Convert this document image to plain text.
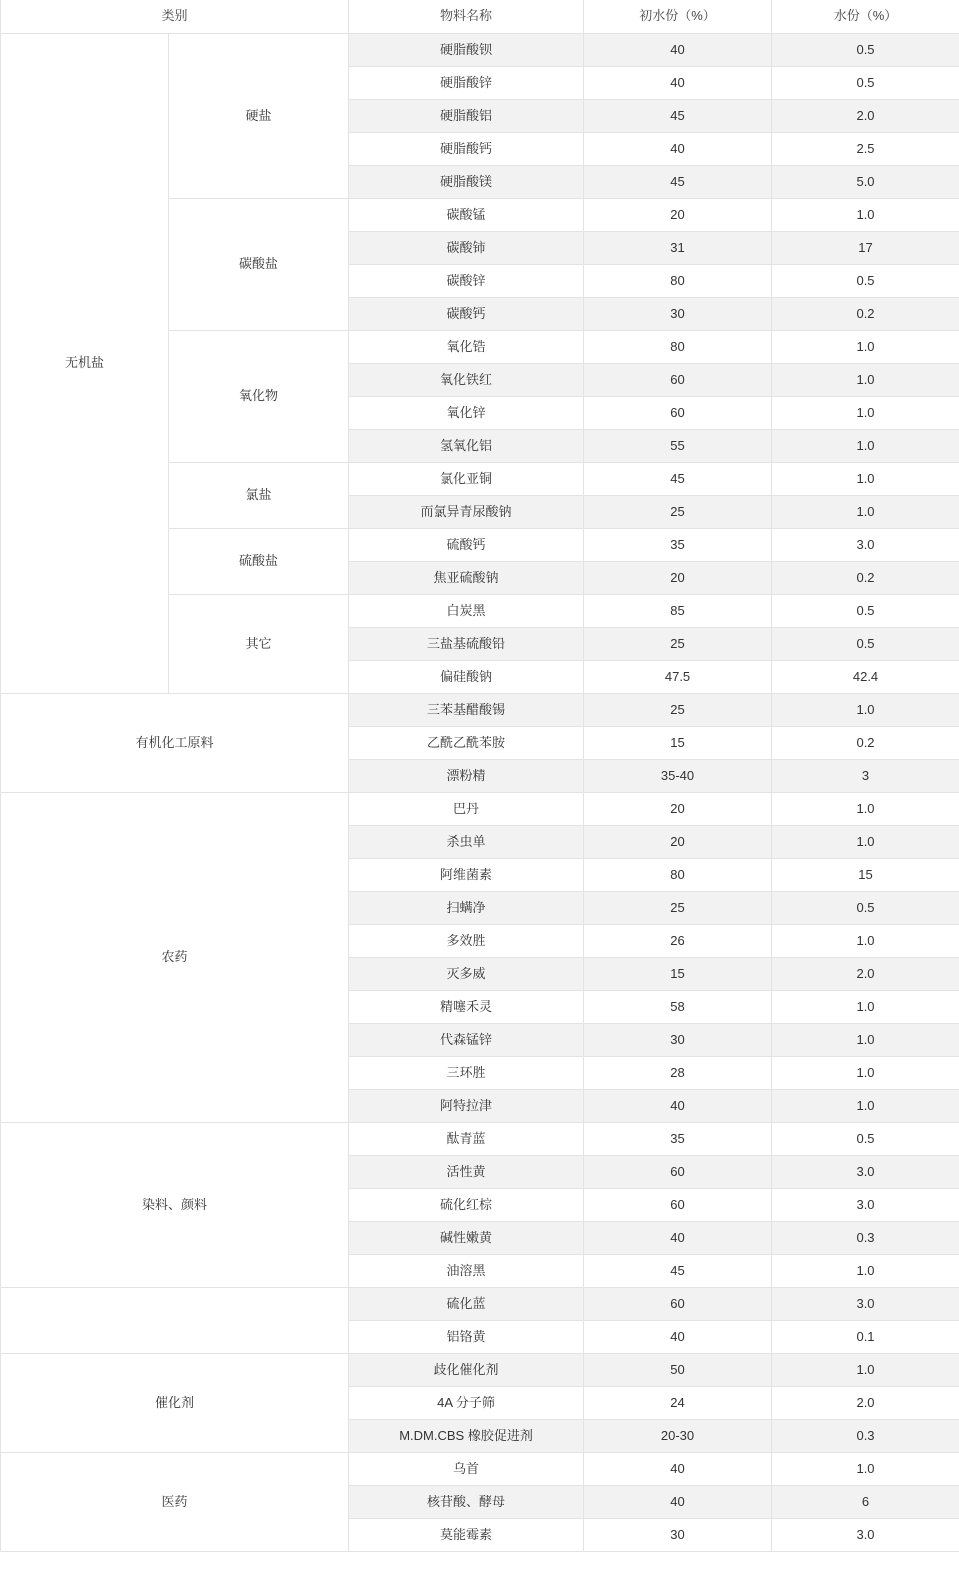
类别		物料名称	初水份（%）	水份（%）
无机盐	硬盐	硬脂酸钡	40	0.5
		硬脂酸锌	40	0.5
		硬脂酸铝	45	2.0
		硬脂酸钙	40	2.5
		硬脂酸镁	45	5.0
	碳酸盐	碳酸锰	20	1.0
		碳酸铈	31	17
		碳酸锌	80	0.5
		碳酸钙	30	0.2
	氧化物	氧化锆	80	1.0
		氧化铁红	60	1.0
		氧化锌	60	1.0
		氢氧化铝	55	1.0
	氯盐	氯化亚铜	45	1.0
		而氯异青尿酸钠	25	1.0
	硫酸盐	硫酸钙	35	3.0
		焦亚硫酸钠	20	0.2
	其它	白炭黑	85	0.5
		三盐基硫酸铅	25	0.5
		偏硅酸钠	47.5	42.4
有机化工原料		三苯基醋酸锡	25	1.0
		乙酰乙酰苯胺	15	0.2
		漂粉精	35-40	3
农药		巴丹	20	1.0
		杀虫单	20	1.0
		阿维菌素	80	15
		扫螨净	25	0.5
		多效胜	26	1.0
		灭多威	15	2.0
		精噻禾灵	58	1.0
		代森锰锌	30	1.0
		三环胜	28	1.0
		阿特拉津	40	1.0
染料、颜料		酞青蓝	35	0.5
		活性黄	60	3.0
		硫化红棕	60	3.0
		碱性嫩黄	40	0.3
		油溶黑	45	1.0
		硫化蓝	60	3.0
		铝铬黄	40	0.1
催化剂		歧化催化剂	50	1.0
		4A 分子筛	24	2.0
		M.DM.CBS 橡胶促进剂	20-30	0.3
医药		乌首	40	1.0
		核苷酸、酵母	40	6
		莫能霉素	30	3.0
